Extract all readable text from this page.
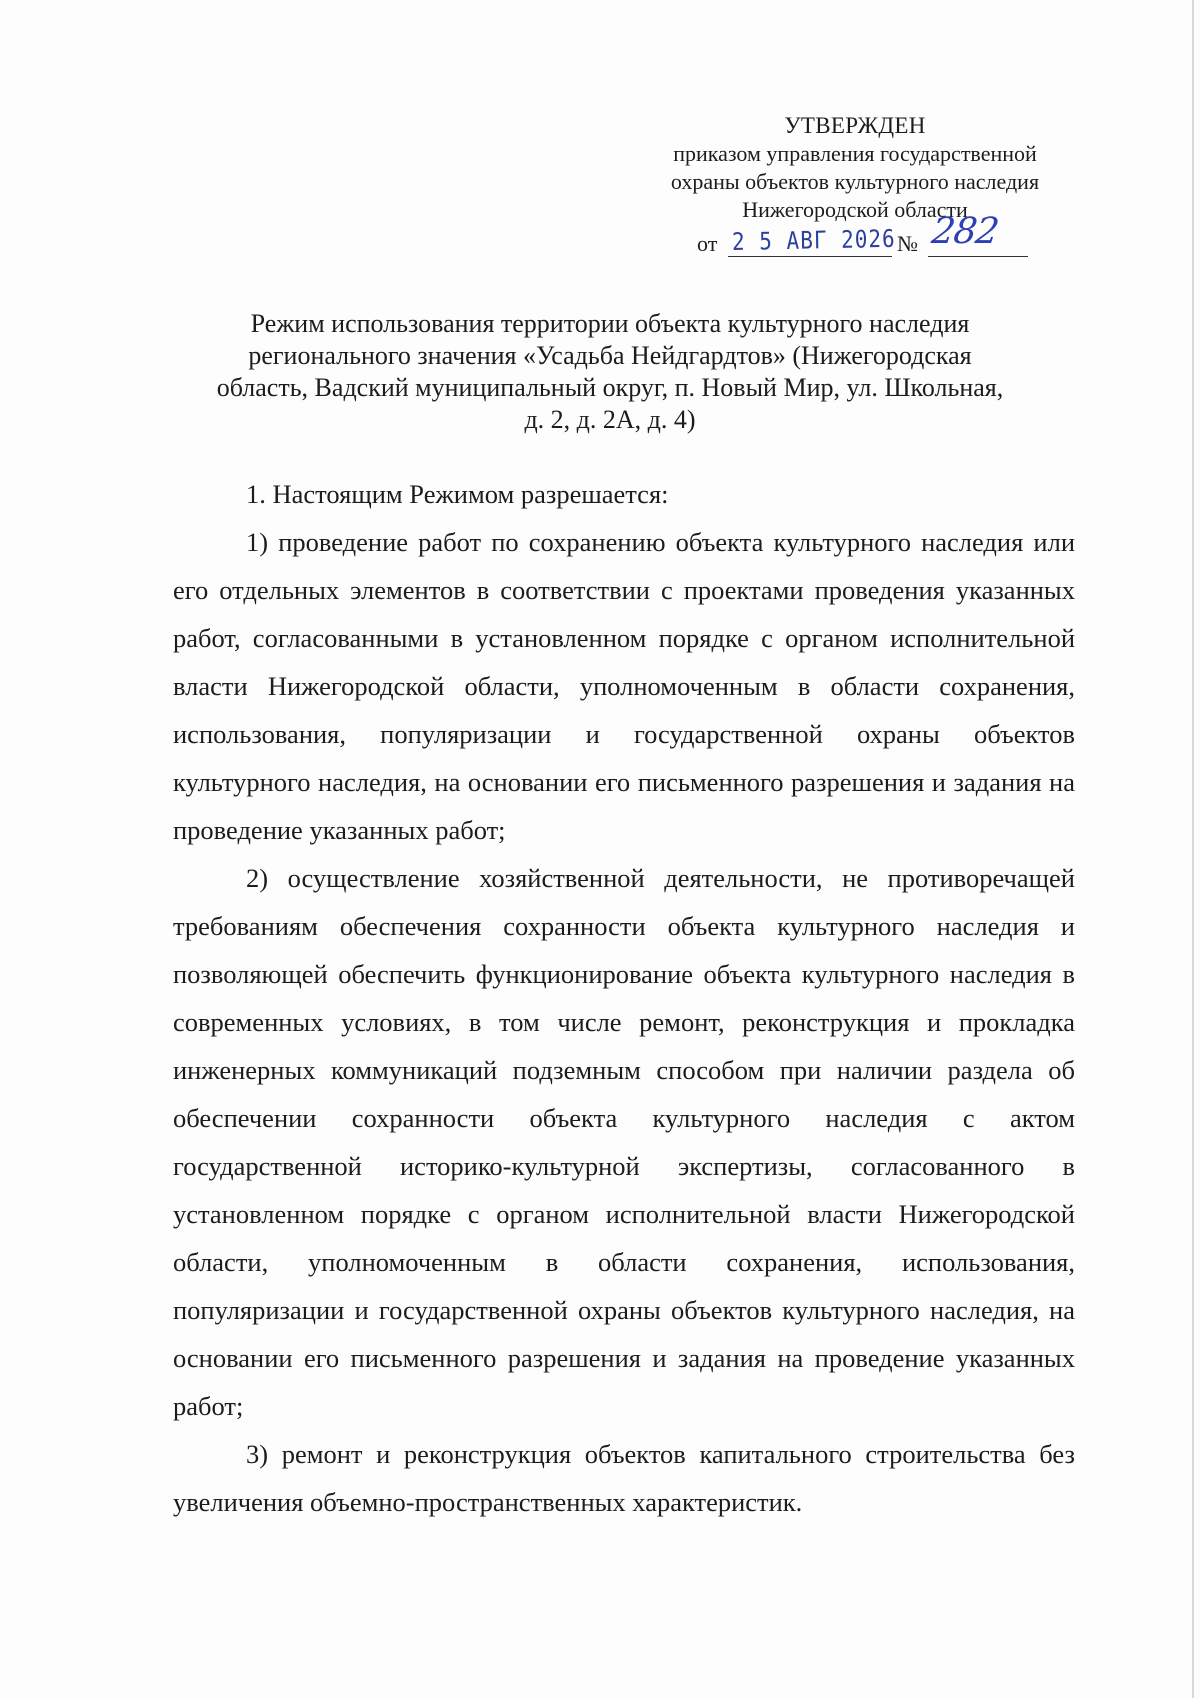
УТВЕРЖДЕН
приказом управления государственной
охраны объектов культурного наследия
Нижегородской области
от 2 5 АВГ 2026 № 282
Режим использования территории объекта культурного наследия
регионального значения «Усадьба Нейдгардтов» (Нижегородская
область, Вадский муниципальный округ, п. Новый Мир, ул. Школьная,
д. 2, д. 2А, д. 4)

1. Настоящим Режимом разрешается:

1) проведение работ по сохранению объекта культурного наследия или его отдельных элементов в соответствии с проектами проведения указанных работ, согласованными в установленном порядке с органом исполнительной власти Нижегородской области, уполномоченным в области сохранения, использования, популяризации и государственной охраны объектов культурного наследия, на основании его письменного разрешения и задания на проведение указанных работ;

2) осуществление хозяйственной деятельности, не противоречащей требованиям обеспечения сохранности объекта культурного наследия и позволяющей обеспечить функционирование объекта культурного наследия в современных условиях, в том числе ремонт, реконструкция и прокладка инженерных коммуникаций подземным способом при наличии раздела об обеспечении сохранности объекта культурного наследия с актом государственной историко-культурной экспертизы, согласованного в установленном порядке с органом исполнительной власти Нижегородской области, уполномоченным в области сохранения, использования, популяризации и государственной охраны объектов культурного наследия, на основании его письменного разрешения и задания на проведение указанных работ;

3) ремонт и реконструкция объектов капитального строительства без увеличения объемно-пространственных характеристик.
